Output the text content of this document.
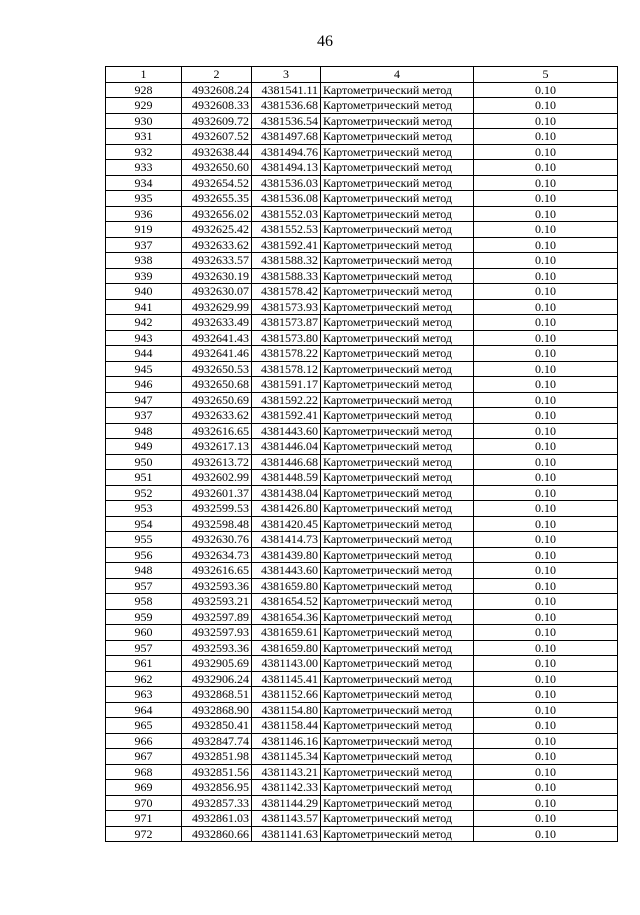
46
1	2	3	4	5
928	4932608.24	4381541.11	Картометрический метод	0.10
929	4932608.33	4381536.68	Картометрический метод	0.10
930	4932609.72	4381536.54	Картометрический метод	0.10
931	4932607.52	4381497.68	Картометрический метод	0.10
932	4932638.44	4381494.76	Картометрический метод	0.10
933	4932650.60	4381494.13	Картометрический метод	0.10
934	4932654.52	4381536.03	Картометрический метод	0.10
935	4932655.35	4381536.08	Картометрический метод	0.10
936	4932656.02	4381552.03	Картометрический метод	0.10
919	4932625.42	4381552.53	Картометрический метод	0.10
937	4932633.62	4381592.41	Картометрический метод	0.10
938	4932633.57	4381588.32	Картометрический метод	0.10
939	4932630.19	4381588.33	Картометрический метод	0.10
940	4932630.07	4381578.42	Картометрический метод	0.10
941	4932629.99	4381573.93	Картометрический метод	0.10
942	4932633.49	4381573.87	Картометрический метод	0.10
943	4932641.43	4381573.80	Картометрический метод	0.10
944	4932641.46	4381578.22	Картометрический метод	0.10
945	4932650.53	4381578.12	Картометрический метод	0.10
946	4932650.68	4381591.17	Картометрический метод	0.10
947	4932650.69	4381592.22	Картометрический метод	0.10
937	4932633.62	4381592.41	Картометрический метод	0.10
948	4932616.65	4381443.60	Картометрический метод	0.10
949	4932617.13	4381446.04	Картометрический метод	0.10
950	4932613.72	4381446.68	Картометрический метод	0.10
951	4932602.99	4381448.59	Картометрический метод	0.10
952	4932601.37	4381438.04	Картометрический метод	0.10
953	4932599.53	4381426.80	Картометрический метод	0.10
954	4932598.48	4381420.45	Картометрический метод	0.10
955	4932630.76	4381414.73	Картометрический метод	0.10
956	4932634.73	4381439.80	Картометрический метод	0.10
948	4932616.65	4381443.60	Картометрический метод	0.10
957	4932593.36	4381659.80	Картометрический метод	0.10
958	4932593.21	4381654.52	Картометрический метод	0.10
959	4932597.89	4381654.36	Картометрический метод	0.10
960	4932597.93	4381659.61	Картометрический метод	0.10
957	4932593.36	4381659.80	Картометрический метод	0.10
961	4932905.69	4381143.00	Картометрический метод	0.10
962	4932906.24	4381145.41	Картометрический метод	0.10
963	4932868.51	4381152.66	Картометрический метод	0.10
964	4932868.90	4381154.80	Картометрический метод	0.10
965	4932850.41	4381158.44	Картометрический метод	0.10
966	4932847.74	4381146.16	Картометрический метод	0.10
967	4932851.98	4381145.34	Картометрический метод	0.10
968	4932851.56	4381143.21	Картометрический метод	0.10
969	4932856.95	4381142.33	Картометрический метод	0.10
970	4932857.33	4381144.29	Картометрический метод	0.10
971	4932861.03	4381143.57	Картометрический метод	0.10
972	4932860.66	4381141.63	Картометрический метод	0.10
